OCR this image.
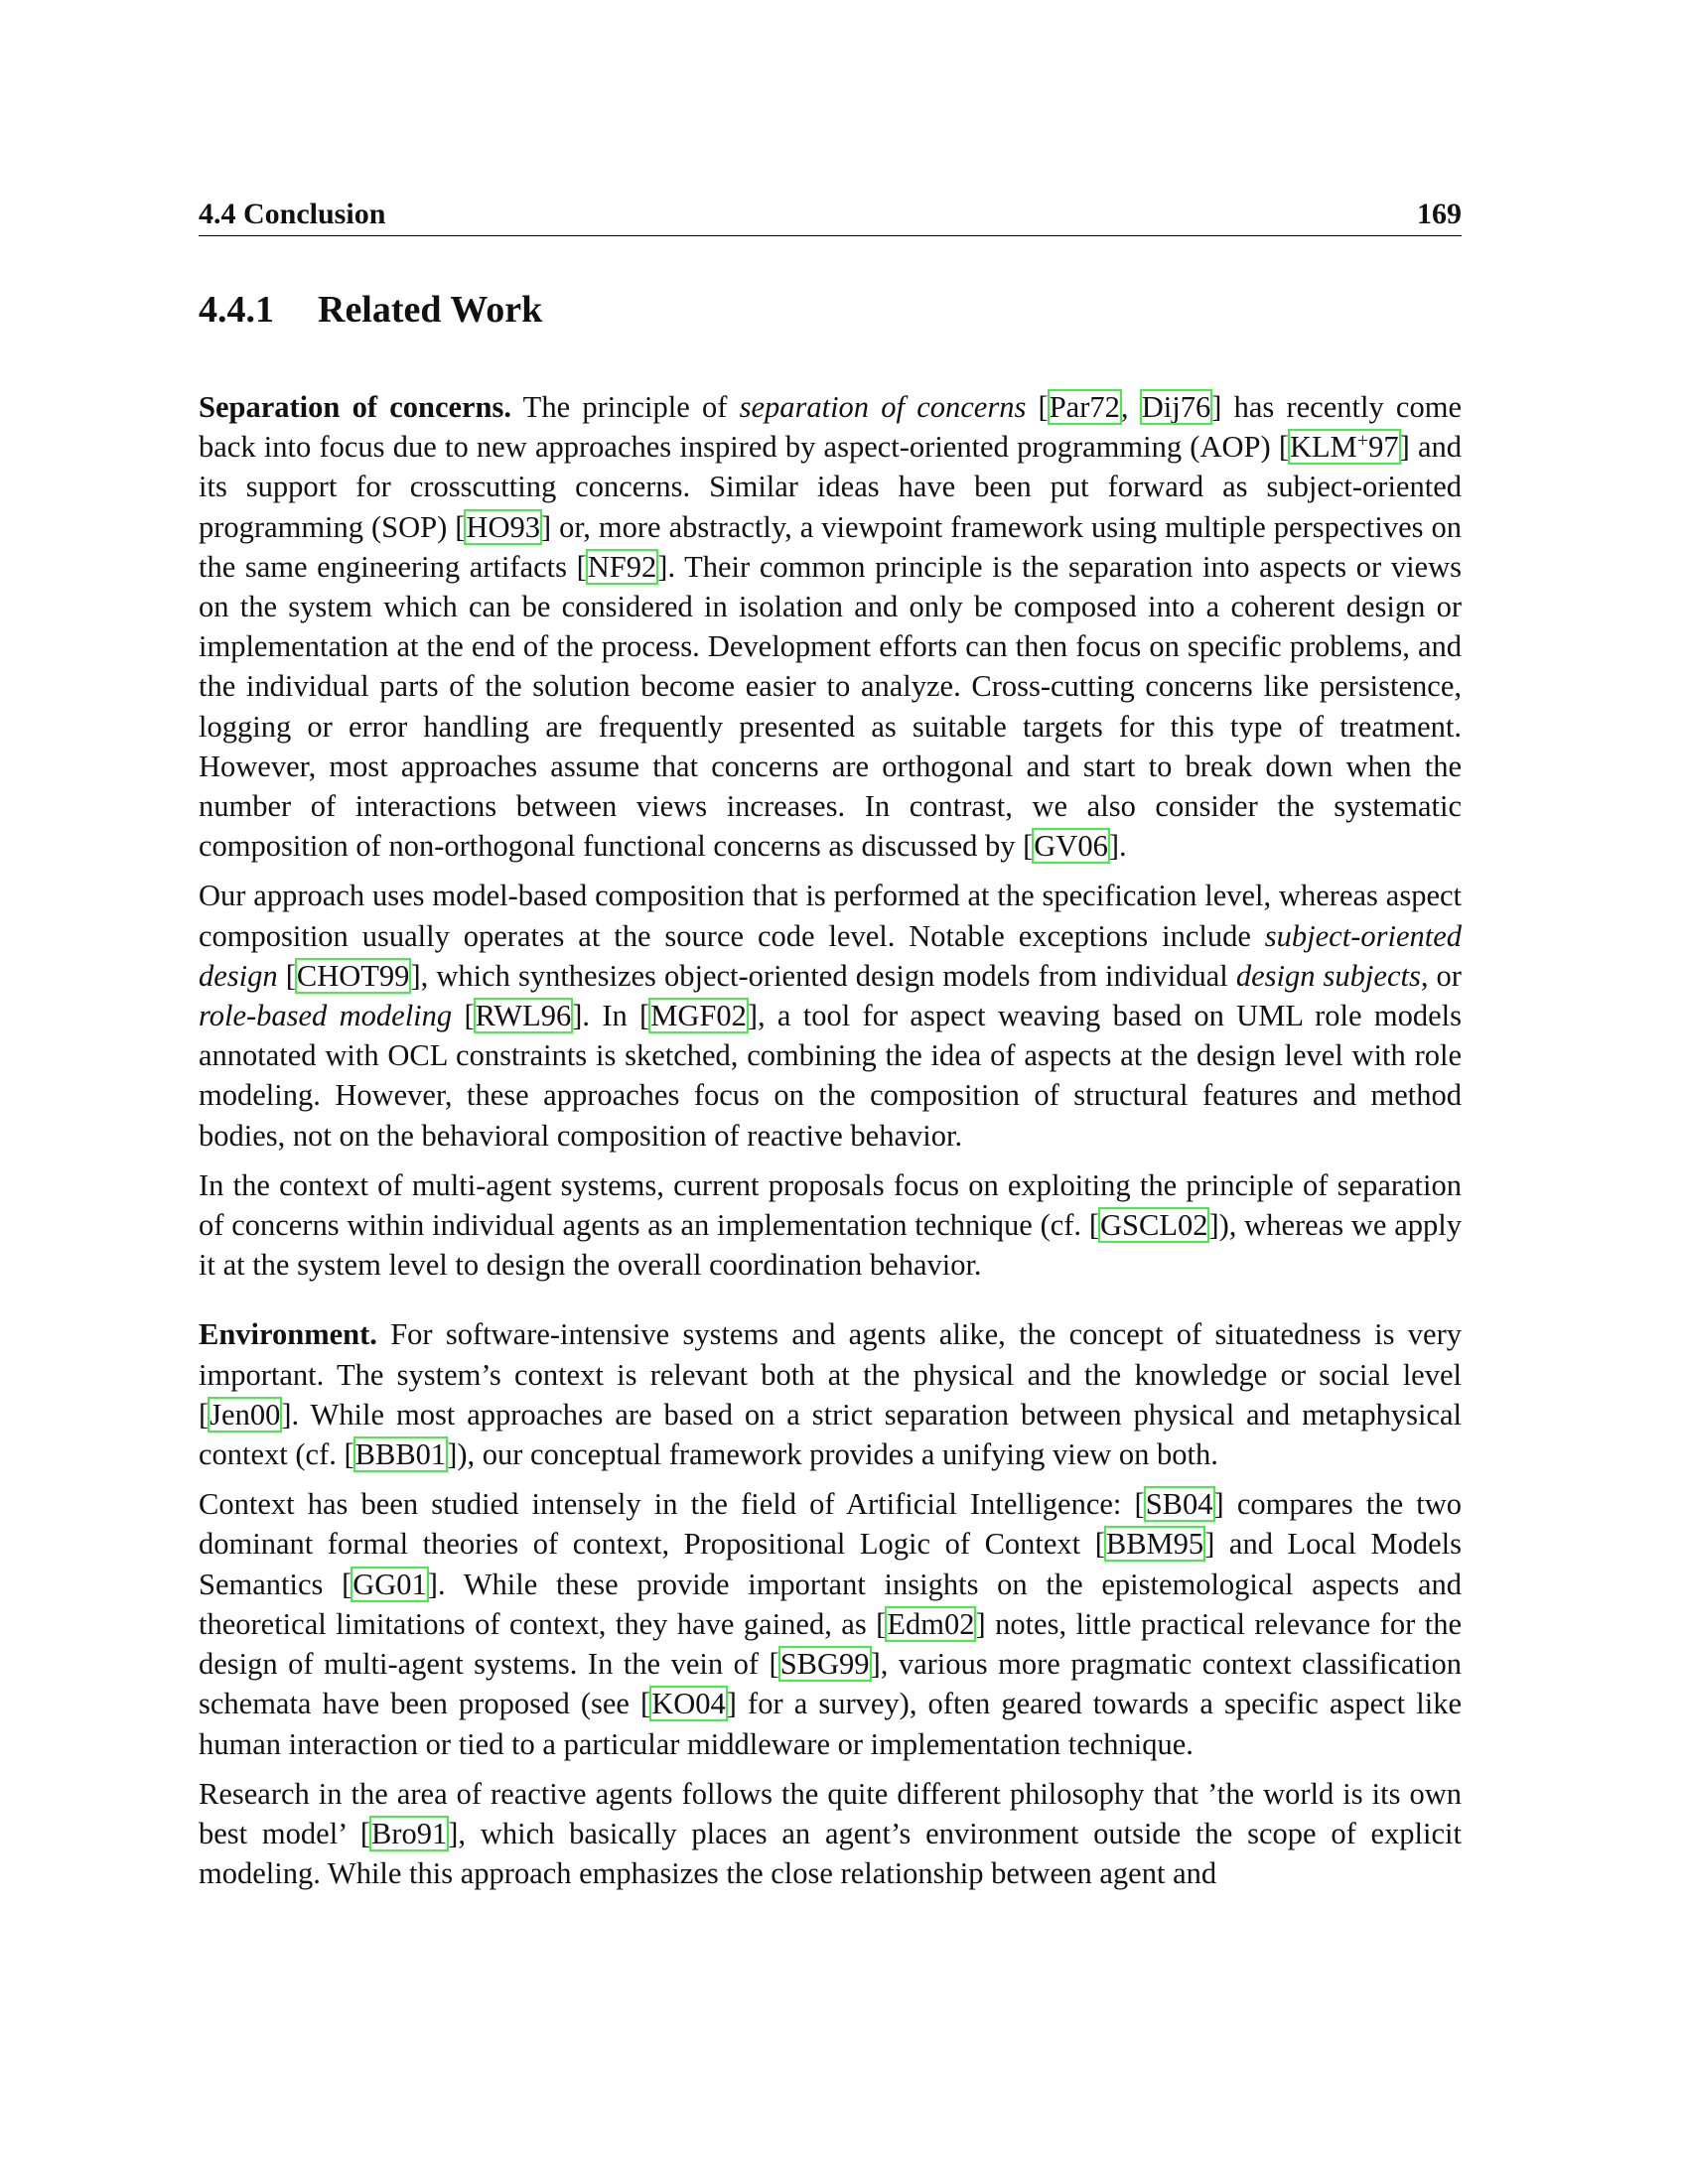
4.4 Conclusion	169
4.4.1 Related Work

Separation of concerns. The principle of separation of concerns [Par72, Dij76] has recently come back into focus due to new approaches inspired by aspect-oriented programming (AOP) [KLM+97] and its support for crosscutting concerns. Similar ideas have been put forward as subject-oriented programming (SOP) [HO93] or, more abstractly, a viewpoint framework using multiple perspectives on the same engineering artifacts [NF92]. Their common principle is the separation into aspects or views on the system which can be considered in isolation and only be composed into a coherent design or implementation at the end of the process. Development efforts can then focus on specific problems, and the individual parts of the solution become easier to analyze. Cross-cutting concerns like persistence, logging or error handling are frequently presented as suitable targets for this type of treatment. However, most approaches assume that concerns are orthogonal and start to break down when the number of interactions between views increases. In contrast, we also consider the systematic composition of non-orthogonal functional concerns as discussed by [GV06].

Our approach uses model-based composition that is performed at the specification level, whereas aspect composition usually operates at the source code level. Notable exceptions include subject-oriented design [CHOT99], which synthesizes object-oriented design models from individual design subjects, or role-based modeling [RWL96]. In [MGF02], a tool for aspect weaving based on UML role models annotated with OCL constraints is sketched, combining the idea of aspects at the design level with role modeling. However, these approaches focus on the composition of structural features and method bodies, not on the behavioral composition of reactive behavior.

In the context of multi-agent systems, current proposals focus on exploiting the principle of separation of concerns within individual agents as an implementation technique (cf. [GSCL02]), whereas we apply it at the system level to design the overall coordination behavior.

Environment. For software-intensive systems and agents alike, the concept of situatedness is very important. The system’s context is relevant both at the physical and the knowledge or social level [Jen00]. While most approaches are based on a strict separation between physical and metaphysical context (cf. [BBB01]), our conceptual framework provides a unifying view on both.

Context has been studied intensely in the field of Artificial Intelligence: [SB04] compares the two dominant formal theories of context, Propositional Logic of Context [BBM95] and Local Models Semantics [GG01]. While these provide important insights on the epistemological aspects and theoretical limitations of context, they have gained, as [Edm02] notes, little practical relevance for the design of multi-agent systems. In the vein of [SBG99], various more pragmatic context classification schemata have been proposed (see [KO04] for a survey), often geared towards a specific aspect like human interaction or tied to a particular middleware or implementation technique.

Research in the area of reactive agents follows the quite different philosophy that ’the world is its own best model’ [Bro91], which basically places an agent’s environment outside the scope of explicit modeling. While this approach emphasizes the close relationship between agent and
